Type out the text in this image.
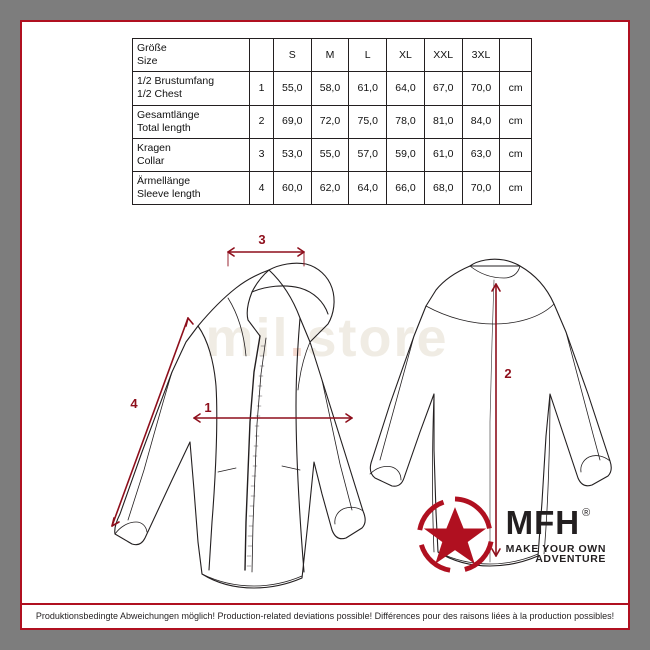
Größe
Size		S	M	L	XL	XXL	3XL	

1/2 Brustumfang
1/2 Chest	1	55,0	58,0	61,0	64,0	67,0	70,0	cm

Gesamtlänge
Total length	2	69,0	72,0	75,0	78,0	81,0	84,0	cm

Kragen
Collar	3	53,0	55,0	57,0	59,0	61,0	63,0	cm

Ärmellänge
Sleeve length	4	60,0	62,0	64,0	66,0	68,0	70,0	cm
mil.store
3
1
4
2
MFH®
MAKE YOUR OWN
ADVENTURE
Produktionsbedingte Abweichungen möglich! Production-related deviations possible! Différences pour des raisons liées à la production possibles!
